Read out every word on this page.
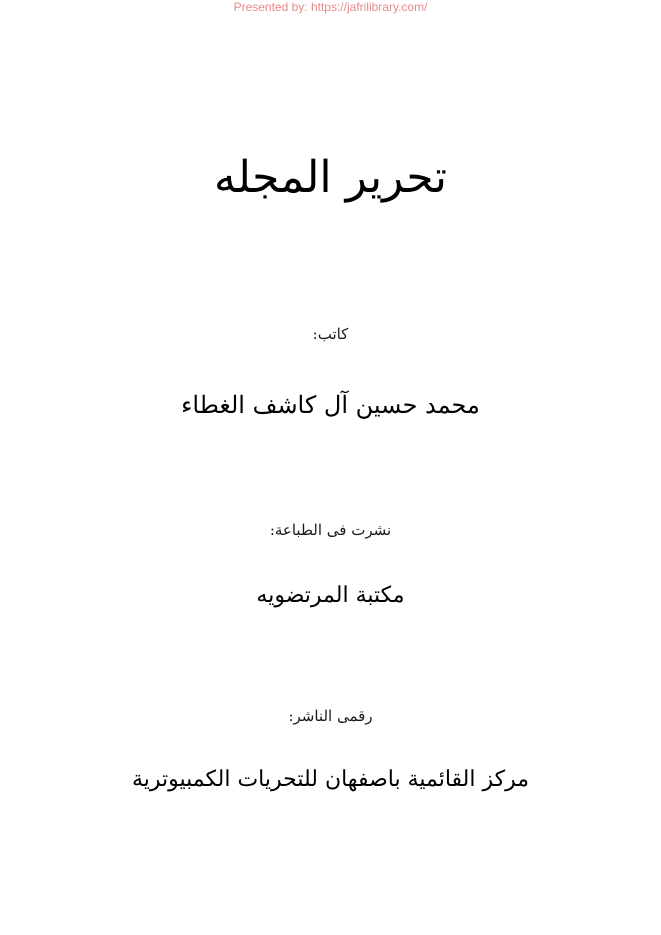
Presented by: https://jafrilibrary.com/
تحریر المجله
کاتب:
محمد حسین آل کاشف الغطاء
نشرت فی الطباعة:
مکتبة المرتضویه
رقمی الناشر:
مرکز القائمیة باصفهان للتحریات الکمبیوتریة
